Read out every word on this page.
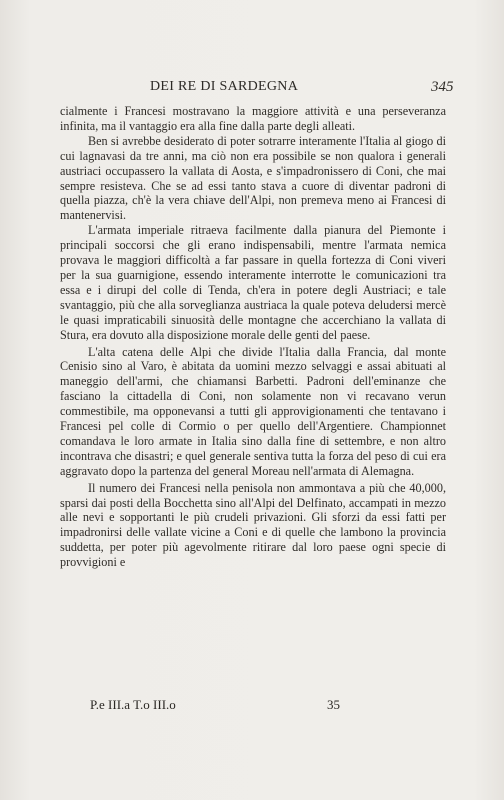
DEI RE DI SARDEGNA	345

cialmente i Francesi mostravano la maggiore attività e una perseveranza infinita, ma il vantaggio era alla fine dalla parte degli alleati.

Ben si avrebbe desiderato di poter sotrarre interamente l'Italia al giogo di cui lagnavasi da tre anni, ma ciò non era possibile se non qualora i generali austriaci occupassero la vallata di Aosta, e s'impadronissero di Coni, che mai sempre resisteva. Che se ad essi tanto stava a cuore di diventar padroni di quella piazza, ch'è la vera chiave dell'Alpi, non premeva meno ai Francesi di mantenervisi.

L'armata imperiale ritraeva facilmente dalla pianura del Piemonte i principali soccorsi che gli erano indispensabili, mentre l'armata nemica provava le maggiori difficoltà a far passare in quella fortezza di Coni viveri per la sua guarnigione, essendo interamente interrotte le comunicazioni tra essa e i dirupi del colle di Tenda, ch'era in potere degli Austriaci; e tale svantaggio, più che alla sorveglianza austriaca la quale poteva deludersi mercè le quasi impraticabili sinuosità delle montagne che accerchiano la vallata di Stura, era dovuto alla disposizione morale delle genti del paese.

L'alta catena delle Alpi che divide l'Italia dalla Francia, dal monte Cenisio sino al Varo, è abitata da uomini mezzo selvaggi e assai abituati al maneggio dell'armi, che chiamansi Barbetti. Padroni dell'eminanze che fasciano la cittadella di Coni, non solamente non vi recavano verun commestibile, ma opponevansi a tutti gli approvigionamenti che tentavano i Francesi pel colle di Cormio o per quello dell'Argentiere. Championnet comandava le loro armate in Italia sino dalla fine di settembre, e non altro incontrava che disastri; e quel generale sentiva tutta la forza del peso di cui era aggravato dopo la partenza del general Moreau nell'armata di Alemagna.

Il numero dei Francesi nella penisola non ammontava a più che 40,000, sparsi dai posti della Bocchetta sino all'Alpi del Delfinato, accampati in mezzo alle nevi e sopportanti le più crudeli privazioni. Gli sforzi da essi fatti per impadronirsi delle vallate vicine a Coni e di quelle che lambono la provincia suddetta, per poter più agevolmente ritirare dal loro paese ogni specie di provvigioni e

P.e III.a T.o III.o	35
